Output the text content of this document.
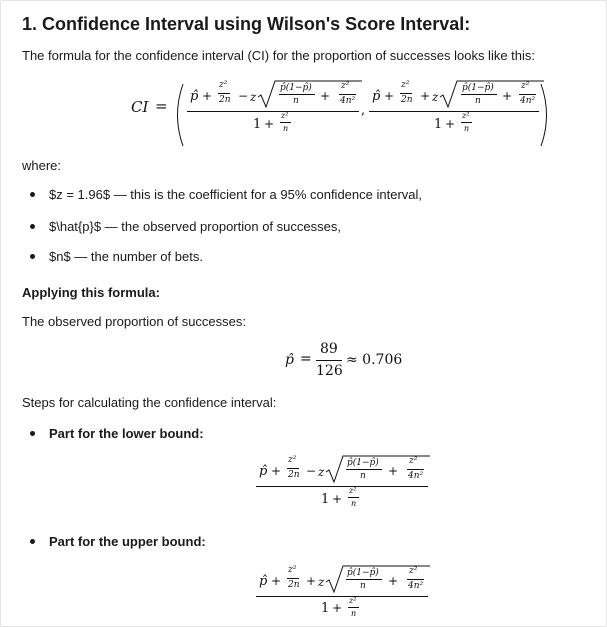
1. Confidence Interval using Wilson's Score Interval:
The formula for the confidence interval (CI) for the proportion of successes looks like this:
CI =
p̂ +
z²
2n − z
p̂(1−p̂)
n +
z²
4n²
1 +
z²
n
,
p̂ +
z²
2n + z
p̂(1−p̂)
n +
z²
4n²
1 +
z²
n
where:
$z = 1.96$ — this is the coefficient for a 95% confidence interval,
$\hat{p}$ — the observed proportion of successes,
$n$ — the number of bets.
Applying this formula:
The observed proportion of successes:
p̂ =
89
126
≈ 0.706
Steps for calculating the confidence interval:
Part for the lower bound:
p̂ +
z²
2n − z
p̂(1−p̂)
n +
z²
4n²
1 +
z²
n
Part for the upper bound:
p̂ +
z²
2n + z
p̂(1−p̂)
n +
z²
4n²
1 +
z²
n
